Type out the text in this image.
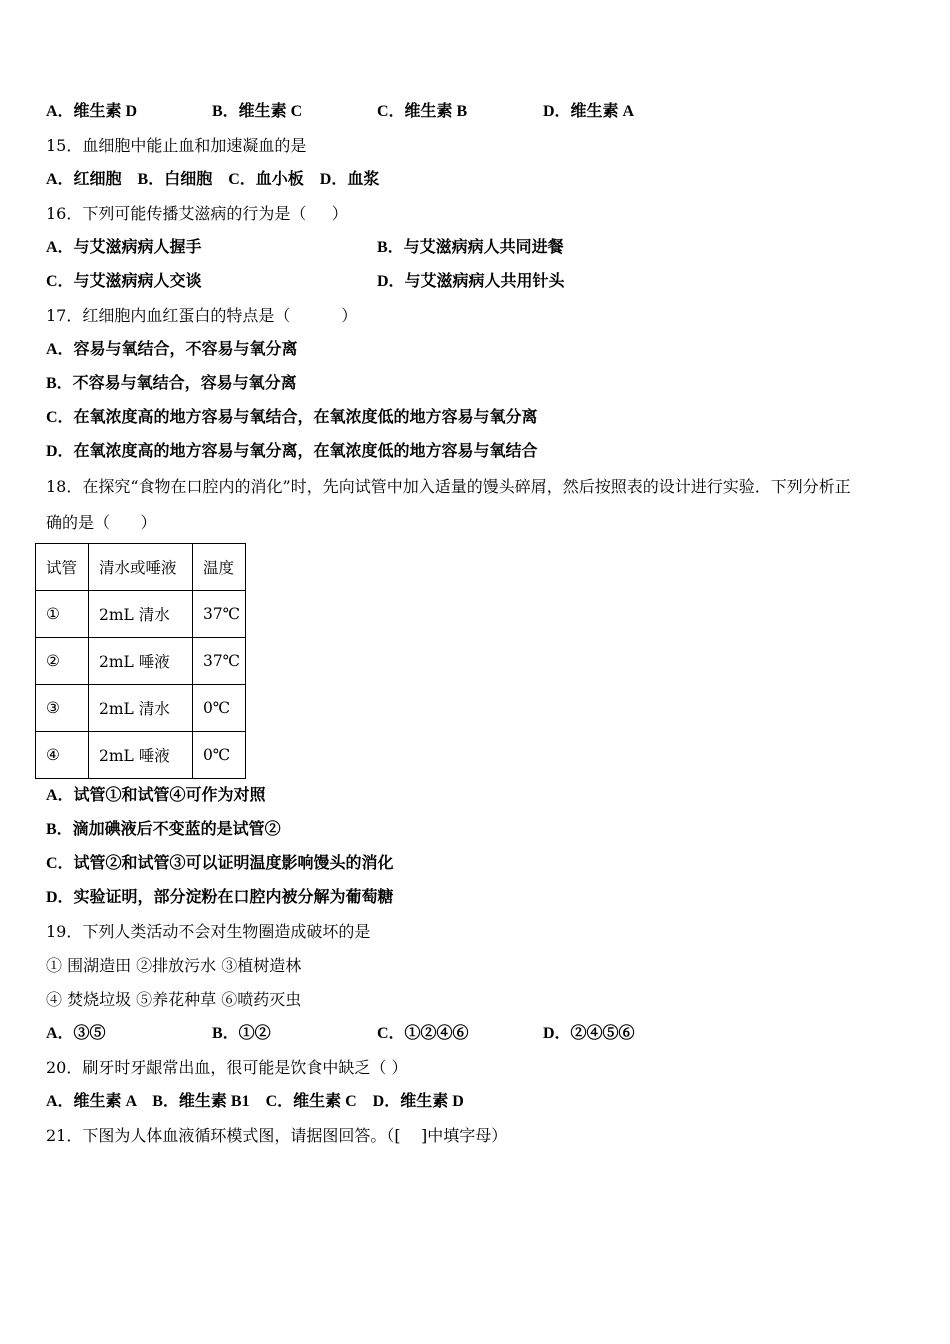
A．维生素 D	B．维生素 C	C．维生素 B	D．维生素 A
15．血细胞中能止血和加速凝血的是
A．红细胞    B．白细胞    C．血小板    D．血浆
16．下列可能传播艾滋病的行为是（     ）
A．与艾滋病病人握手	B．与艾滋病病人共同进餐
C．与艾滋病病人交谈	D．与艾滋病病人共用针头
17．红细胞内血红蛋白的特点是（          ）
A．容易与氧结合，不容易与氧分离
B．不容易与氧结合，容易与氧分离
C．在氧浓度高的地方容易与氧结合，在氧浓度低的地方容易与氧分离
D．在氧浓度高的地方容易与氧分离，在氧浓度低的地方容易与氧结合
18．在探究“食物在口腔内的消化”时，先向试管中加入适量的馒头碎屑，然后按照表的设计进行实验．下列分析正
确的是（      ）
试管	清水或唾液	温度
①	2mL 清水	37℃
②	2mL 唾液	37℃
③	2mL 清水	0℃
④	2mL 唾液	0℃
A．试管①和试管④可作为对照
B．滴加碘液后不变蓝的是试管②
C．试管②和试管③可以证明温度影响馒头的消化
D．实验证明，部分淀粉在口腔内被分解为葡萄糖
19．下列人类活动不会对生物圈造成破坏的是
① 围湖造田 ②排放污水 ③植树造林
④ 焚烧垃圾 ⑤养花种草 ⑥喷药灭虫
A．③⑤	B．①②	C．①②④⑥	D．②④⑤⑥
20．刷牙时牙龈常出血，很可能是饮食中缺乏（ ）
A．维生素 A    B．维生素 B1    C．维生素 C    D．维生素 D
21．下图为人体血液循环模式图，请据图回答。（[    ]中填字母）
